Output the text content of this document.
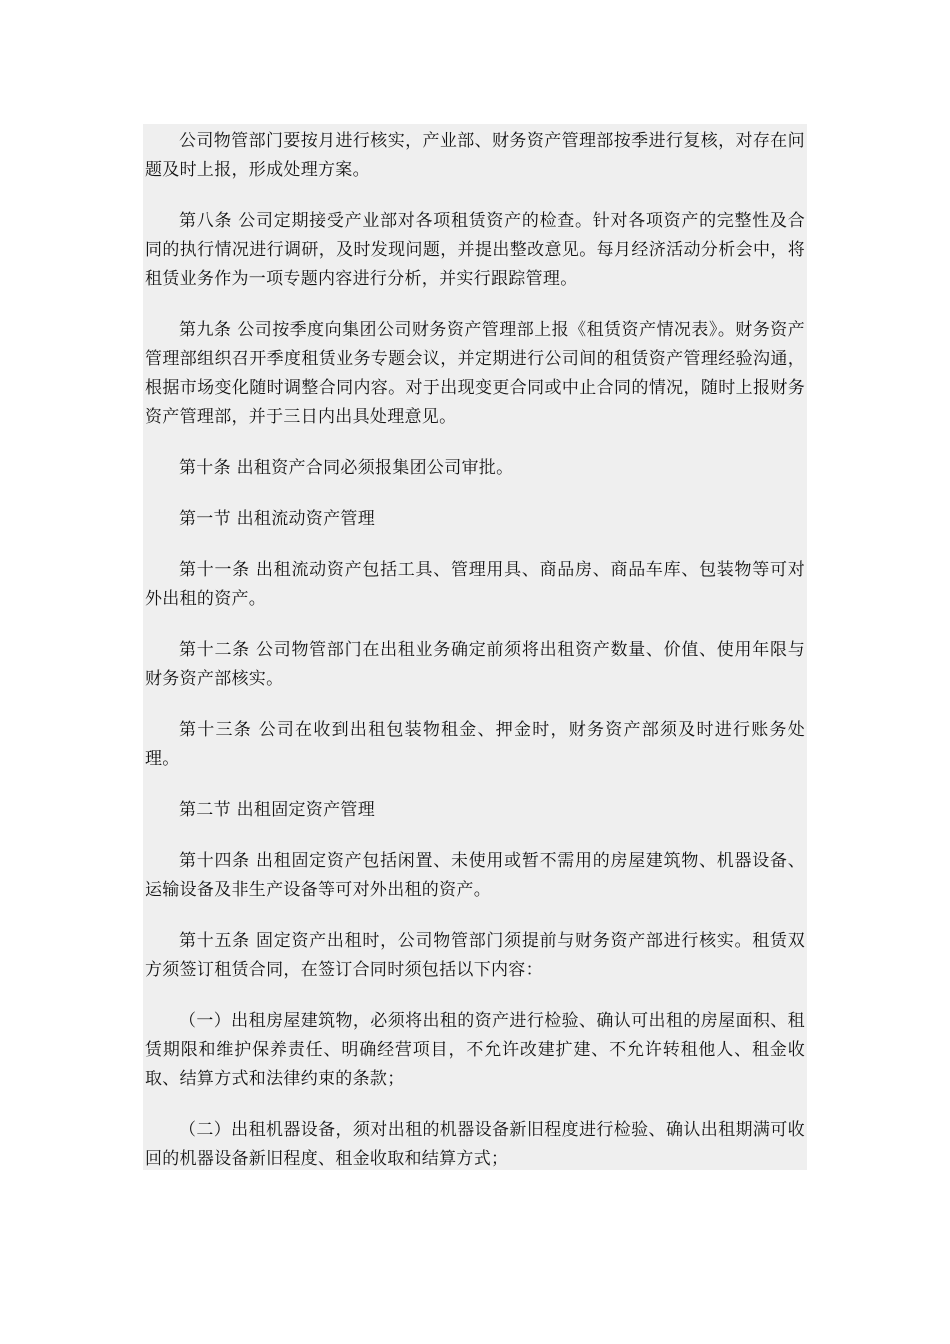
公司物管部门要按月进行核实，产业部、财务资产管理部按季进行复核，对存在问题及时上报，形成处理方案。

第八条 公司定期接受产业部对各项租赁资产的检查。针对各项资产的完整性及合同的执行情况进行调研，及时发现问题，并提出整改意见。每月经济活动分析会中，将租赁业务作为一项专题内容进行分析，并实行跟踪管理。

第九条 公司按季度向集团公司财务资产管理部上报《租赁资产情况表》。财务资产管理部组织召开季度租赁业务专题会议，并定期进行公司间的租赁资产管理经验沟通，根据市场变化随时调整合同内容。对于出现变更合同或中止合同的情况，随时上报财务资产管理部，并于三日内出具处理意见。

第十条 出租资产合同必须报集团公司审批。

第一节 出租流动资产管理

第十一条 出租流动资产包括工具、管理用具、商品房、商品车库、包装物等可对外出租的资产。

第十二条 公司物管部门在出租业务确定前须将出租资产数量、价值、使用年限与财务资产部核实。

第十三条 公司在收到出租包装物租金、押金时，财务资产部须及时进行账务处理。

第二节 出租固定资产管理

第十四条 出租固定资产包括闲置、未使用或暂不需用的房屋建筑物、机器设备、运输设备及非生产设备等可对外出租的资产。

第十五条 固定资产出租时，公司物管部门须提前与财务资产部进行核实。租赁双方须签订租赁合同，在签订合同时须包括以下内容：

（一）出租房屋建筑物，必须将出租的资产进行检验、确认可出租的房屋面积、租赁期限和维护保养责任、明确经营项目，不允许改建扩建、不允许转租他人、租金收取、结算方式和法律约束的条款；

（二）出租机器设备，须对出租的机器设备新旧程度进行检验、确认出租期满可收回的机器设备新旧程度、租金收取和结算方式；
